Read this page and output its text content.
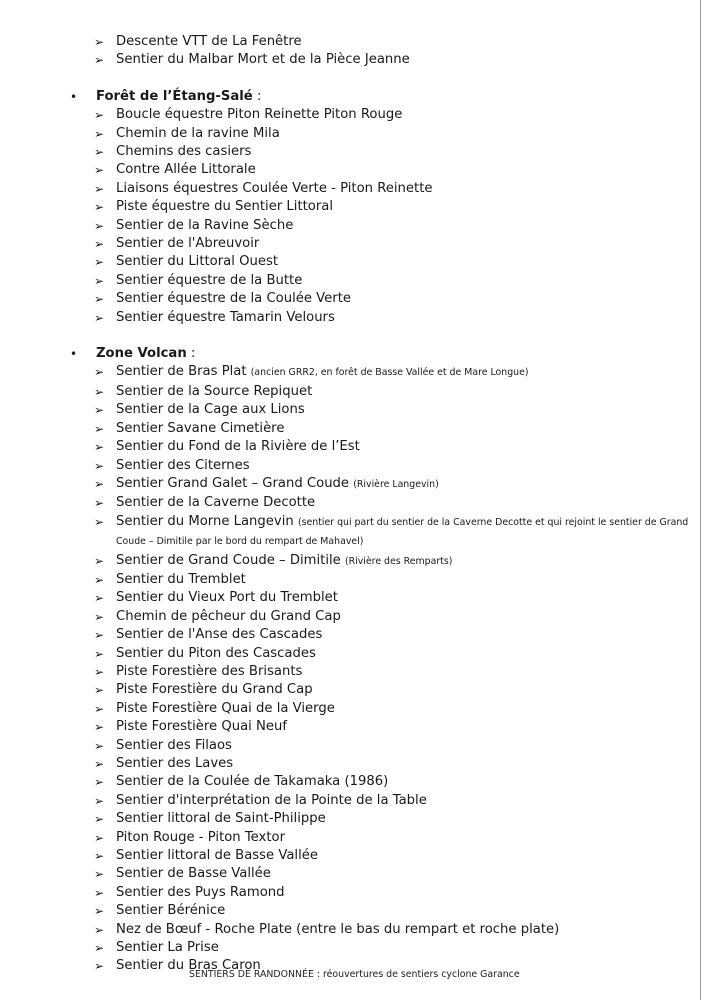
➢ Descente VTT de La Fenêtre
➢ Sentier du Malbar Mort et de la Pièce Jeanne
• Forêt de l’Étang-Salé :
➢ Boucle équestre Piton Reinette Piton Rouge
➢ Chemin de la ravine Mila
➢ Chemins des casiers
➢ Contre Allée Littorale
➢ Liaisons équestres Coulée Verte - Piton Reinette
➢ Piste équestre du Sentier Littoral
➢ Sentier de la Ravine Sèche
➢ Sentier de l'Abreuvoir
➢ Sentier du Littoral Ouest
➢ Sentier équestre de la Butte
➢ Sentier équestre de la Coulée Verte
➢ Sentier équestre Tamarin Velours
• Zone Volcan :
➢ Sentier de Bras Plat (ancien GRR2, en forêt de Basse Vallée et de Mare Longue)
➢ Sentier de la Source Repiquet
➢ Sentier de la Cage aux Lions
➢ Sentier Savane Cimetière
➢ Sentier du Fond de la Rivière de l’Est
➢ Sentier des Citernes
➢ Sentier Grand Galet – Grand Coude (Rivière Langevin)
➢ Sentier de la Caverne Decotte
➢ Sentier du Morne Langevin (sentier qui part du sentier de la Caverne Decotte et qui rejoint le sentier de Grand Coude – Dimitile par le bord du rempart de Mahavel)
➢ Sentier de Grand Coude – Dimitile (Rivière des Remparts)
➢ Sentier du Tremblet
➢ Sentier du Vieux Port du Tremblet
➢ Chemin de pêcheur du Grand Cap
➢ Sentier de l'Anse des Cascades
➢ Sentier du Piton des Cascades
➢ Piste Forestière des Brisants
➢ Piste Forestière du Grand Cap
➢ Piste Forestière Quai de la Vierge
➢ Piste Forestière Quai Neuf
➢ Sentier des Filaos
➢ Sentier des Laves
➢ Sentier de la Coulée de Takamaka (1986)
➢ Sentier d'interprétation de la Pointe de la Table
➢ Sentier littoral de Saint-Philippe
➢ Piton Rouge - Piton Textor
➢ Sentier littoral de Basse Vallée
➢ Sentier de Basse Vallée
➢ Sentier des Puys Ramond
➢ Sentier Bérénice
➢ Nez de Bœuf - Roche Plate (entre le bas du rempart et roche plate)
➢ Sentier La Prise
➢ Sentier du Bras Caron
SENTIERS DE RANDONNÉE : réouvertures de sentiers cyclone Garance
